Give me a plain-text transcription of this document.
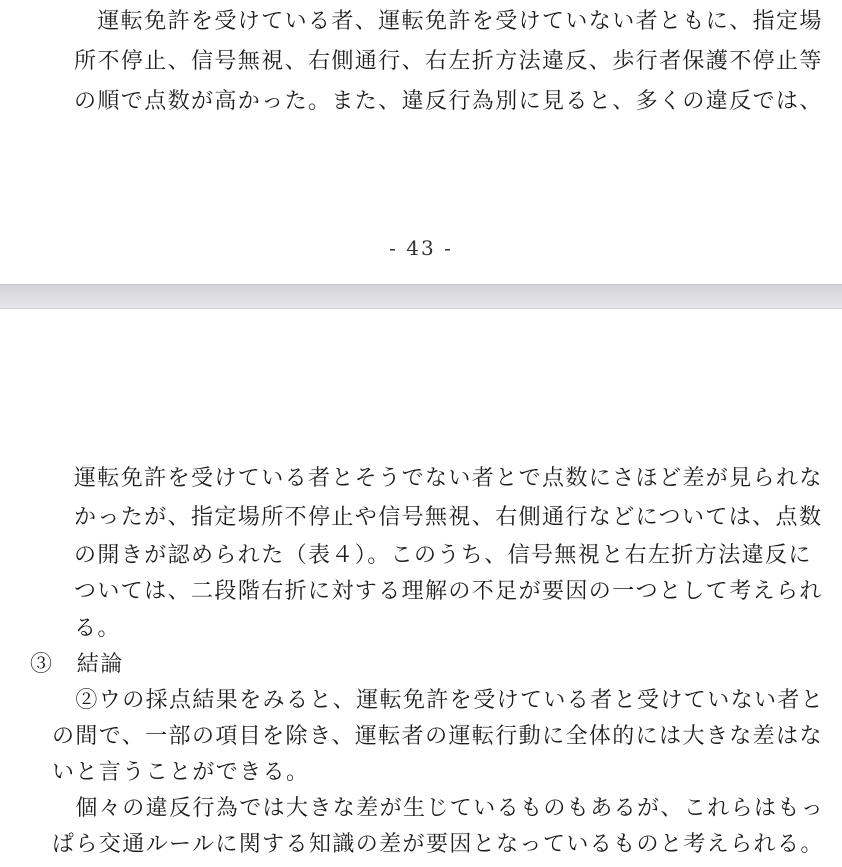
　運転免許を受けている者、運転免許を受けていない者ともに、指定場
所不停止、信号無視、右側通行、右左折方法違反、歩行者保護不停止等
の順で点数が高かった。また、違反行為別に見ると、多くの違反では、
- 43 -
運転免許を受けている者とそうでない者とで点数にさほど差が見られな
かったが、指定場所不停止や信号無視、右側通行などについては、点数
の開きが認められた（表４）。このうち、信号無視と右左折方法違反に
ついては、二段階右折に対する理解の不足が要因の一つとして考えられ
る。
③　結論
　②ウの採点結果をみると、運転免許を受けている者と受けていない者と
の間で、一部の項目を除き、運転者の運転行動に全体的には大きな差はな
いと言うことができる。
　個々の違反行為では大きな差が生じているものもあるが、これらはもっ
ぱら交通ルールに関する知識の差が要因となっているものと考えられる。
